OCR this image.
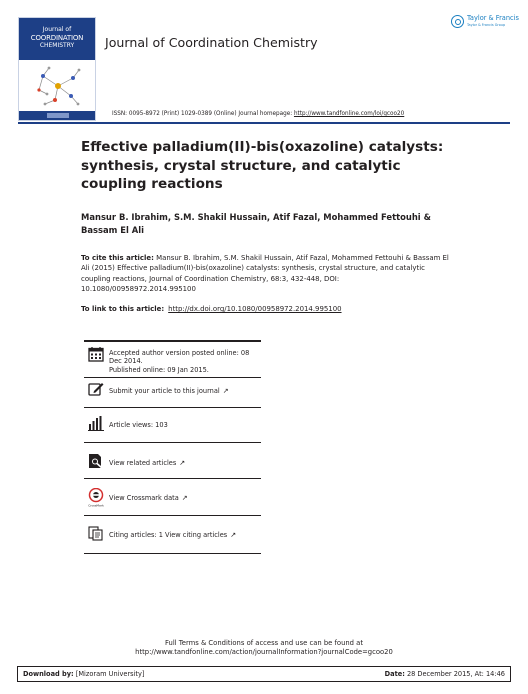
Journal of
COORDINATION
CHEMISTRY	Journal of Coordination Chemistry
Taylor & Francis
Taylor & Francis Group
ISSN: 0095-8972 (Print) 1029-0389 (Online) Journal homepage: http://www.tandfonline.com/loi/gcoo20
Effective palladium(II)-bis(oxazoline) catalysts: synthesis, crystal structure, and catalytic coupling reactions

Mansur B. Ibrahim, S.M. Shakil Hussain, Atif Fazal, Mohammed Fettouhi & Bassam El Ali

To cite this article: Mansur B. Ibrahim, S.M. Shakil Hussain, Atif Fazal, Mohammed Fettouhi & Bassam El Ali (2015) Effective palladium(II)-bis(oxazoline) catalysts: synthesis, crystal structure, and catalytic coupling reactions, Journal of Coordination Chemistry, 68:3, 432-448, DOI: 10.1080/00958972.2014.995100

To link to this article: http://dx.doi.org/10.1080/00958972.2014.995100

Accepted author version posted online: 08 Dec 2014.
Published online: 09 Jan 2015.
Submit your article to this journal ↗
Article views: 103
View related articles ↗
CrossMark
View Crossmark data ↗
Citing articles: 1 View citing articles ↗
Full Terms & Conditions of access and use can be found at
http://www.tandfonline.com/action/journalInformation?journalCode=gcoo20
Download by: [Mizoram University]	Date: 28 December 2015, At: 14:46
